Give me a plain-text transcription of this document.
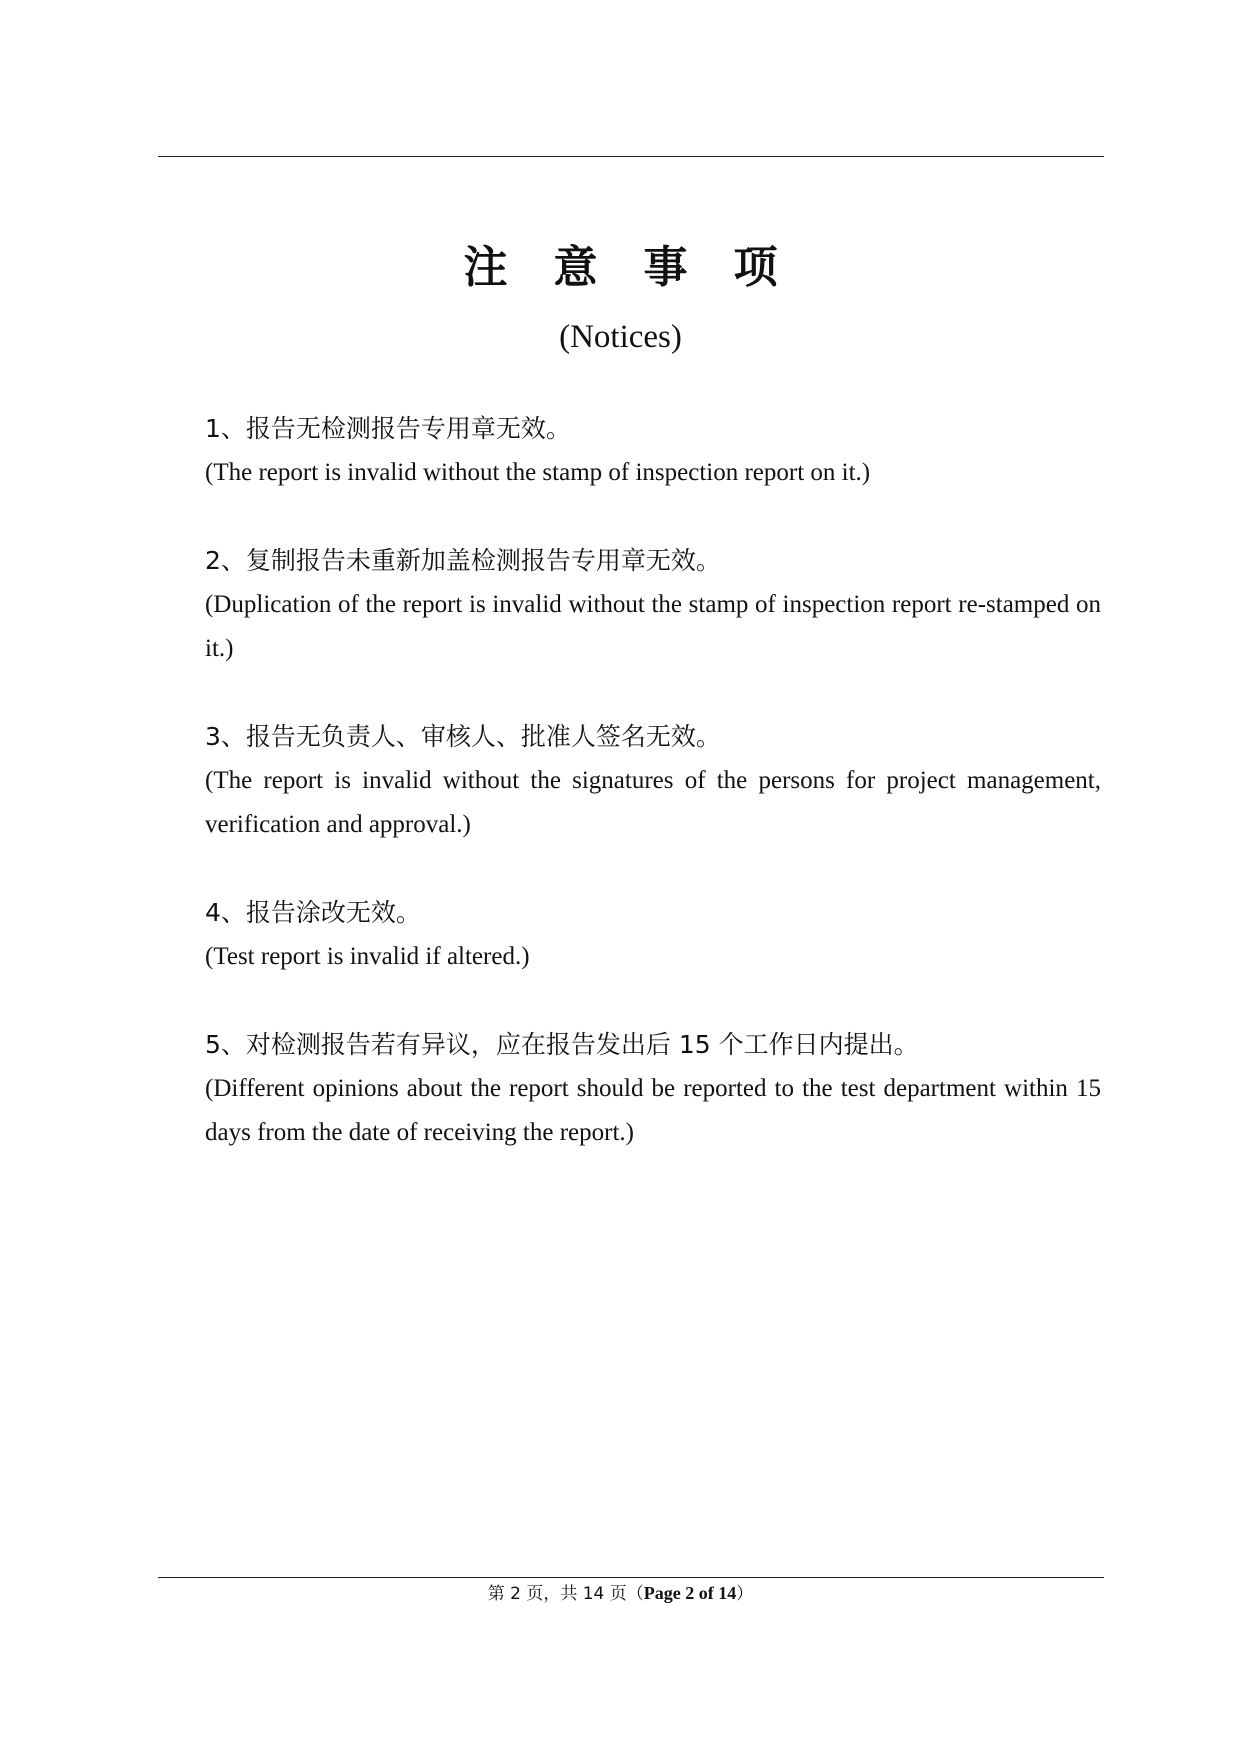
注意事项
(Notices)
1、报告无检测报告专用章无效。
(The report is invalid without the stamp of inspection report on it.)
2、复制报告未重新加盖检测报告专用章无效。
(Duplication of the report is invalid without the stamp of inspection report re-stamped on it.)
3、报告无负责人、审核人、批准人签名无效。
(The report is invalid without the signatures of the persons for project management, verification and approval.)
4、报告涂改无效。
(Test report is invalid if altered.)
5、对检测报告若有异议，应在报告发出后 15 个工作日内提出。
(Different opinions about the report should be reported to the test department within 15 days from the date of receiving the report.)
第 2 页，共 14 页（Page 2 of 14）
